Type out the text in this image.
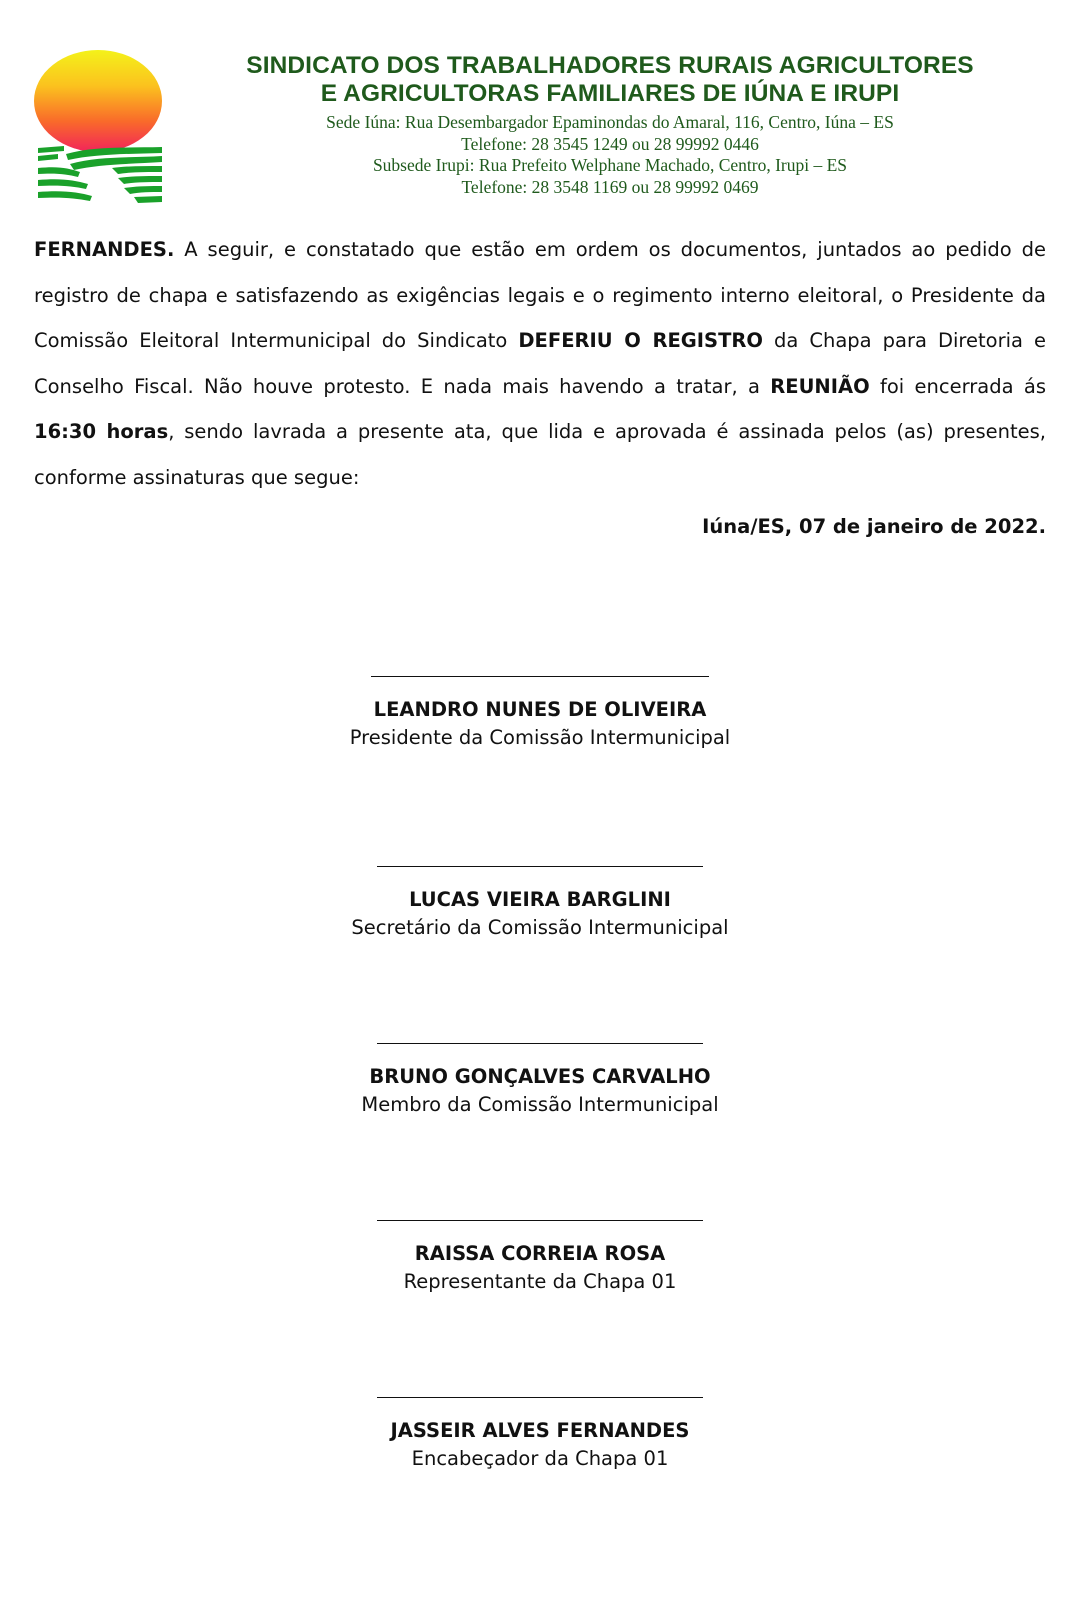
SINDICATO DOS TRABALHADORES RURAIS AGRICULTORES
E AGRICULTORAS FAMILIARES DE IÚNA E IRUPI
Sede Iúna: Rua Desembargador Epaminondas do Amaral, 116, Centro, Iúna – ES
Telefone: 28 3545 1249 ou 28 99992 0446
Subsede Irupi: Rua Prefeito Welphane Machado, Centro, Irupi – ES
Telefone: 28 3548 1169 ou 28 99992 0469
FERNANDES. A seguir, e constatado que estão em ordem os documentos, juntados ao pedido de registro de chapa e satisfazendo as exigências legais e o regimento interno eleitoral, o Presidente da Comissão Eleitoral Intermunicipal do Sindicato DEFERIU O REGISTRO da Chapa para Diretoria e Conselho Fiscal. Não houve protesto. E nada mais havendo a tratar, a REUNIÃO foi encerrada ás 16:30 horas, sendo lavrada a presente ata, que lida e aprovada é assinada pelos (as) presentes, conforme assinaturas que segue:
Iúna/ES, 07 de janeiro de 2022.
LEANDRO NUNES DE OLIVEIRA
Presidente da Comissão Intermunicipal
LUCAS VIEIRA BARGLINI
Secretário da Comissão Intermunicipal
BRUNO GONÇALVES CARVALHO
Membro da Comissão Intermunicipal
RAISSA CORREIA ROSA
Representante da Chapa 01
JASSEIR ALVES FERNANDES
Encabeçador da Chapa 01
